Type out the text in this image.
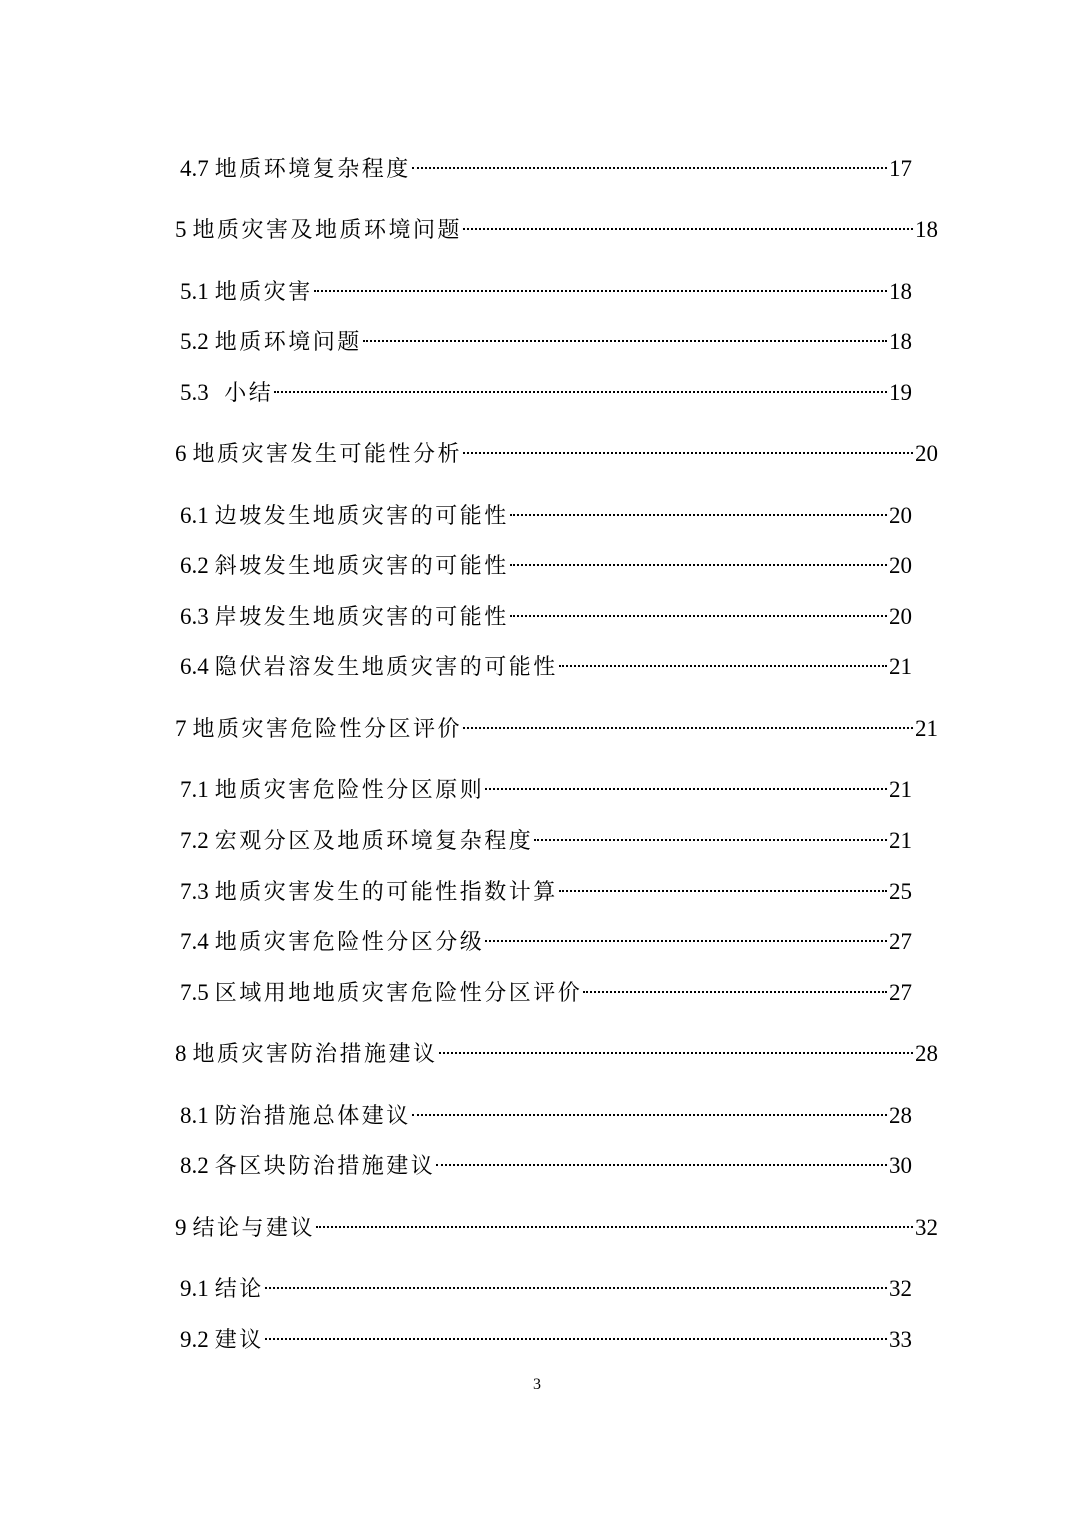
4.7 地质环境复杂程度	17
5 地质灾害及地质环境问题	18
5.1 地质灾害	18
5.2 地质环境问题	18
5.3 小结	19
6 地质灾害发生可能性分析	20
6.1 边坡发生地质灾害的可能性	20
6.2 斜坡发生地质灾害的可能性	20
6.3 岸坡发生地质灾害的可能性	20
6.4 隐伏岩溶发生地质灾害的可能性	21
7 地质灾害危险性分区评价	21
7.1 地质灾害危险性分区原则	21
7.2 宏观分区及地质环境复杂程度	21
7.3 地质灾害发生的可能性指数计算	25
7.4 地质灾害危险性分区分级	27
7.5 区域用地地质灾害危险性分区评价	27
8 地质灾害防治措施建议	28
8.1 防治措施总体建议	28
8.2 各区块防治措施建议	30
9 结论与建议	32
9.1 结论	32
9.2 建议	33
3
